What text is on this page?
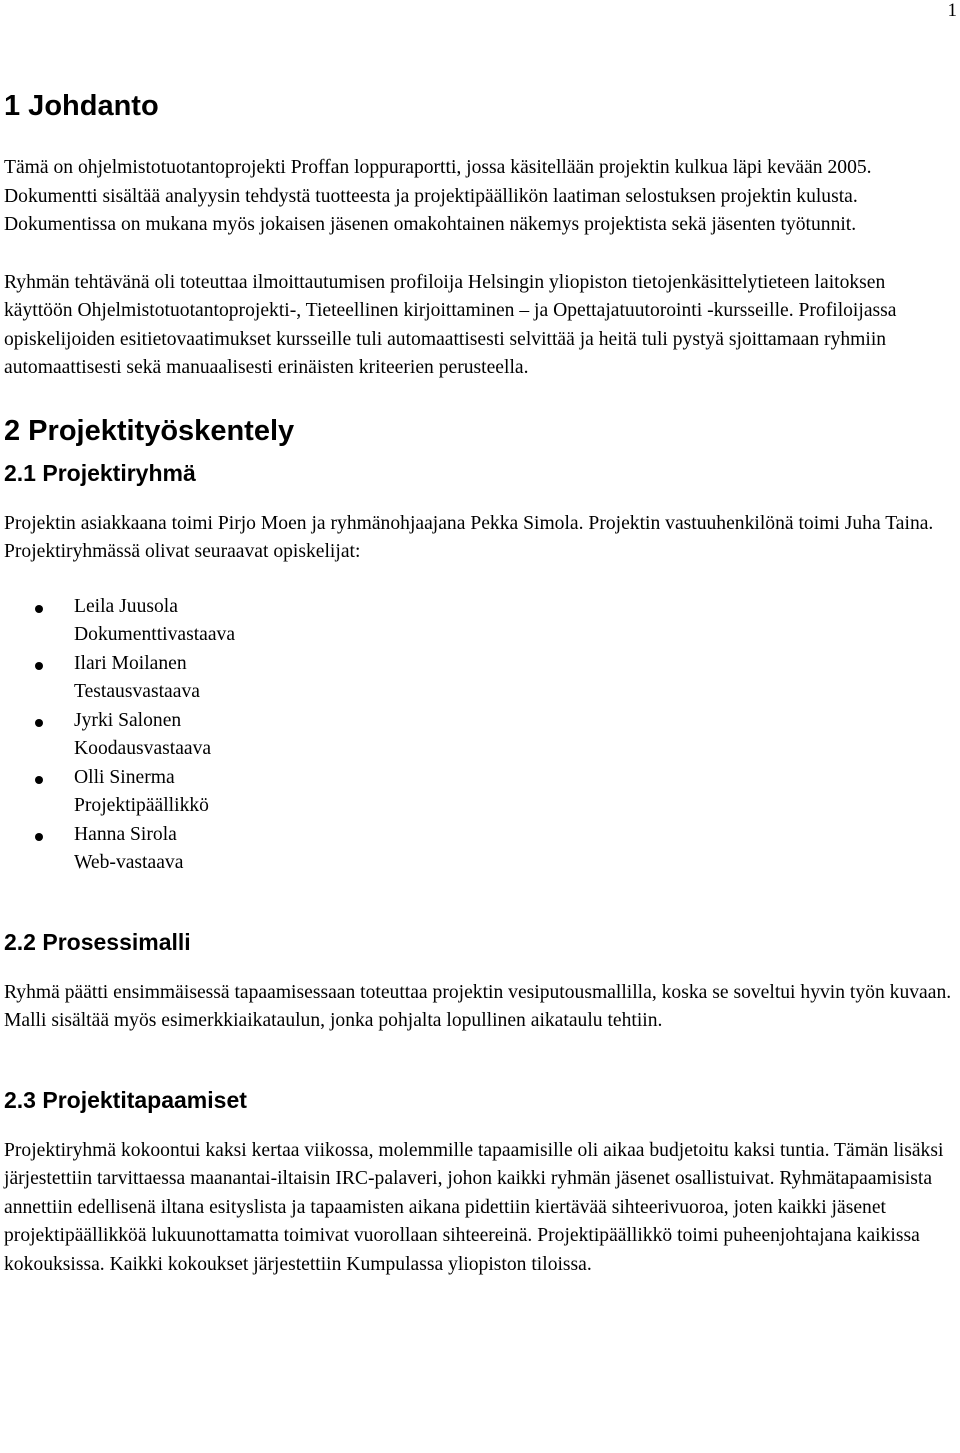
1
1 Johdanto

Tämä on ohjelmistotuotantoprojekti Proffan loppuraportti, jossa käsitellään projektin kulkua läpi kevään 2005. Dokumentti sisältää analyysin tehdystä tuotteesta ja projektipäällikön laatiman selostuksen projektin kulusta. Dokumentissa on mukana myös jokaisen jäsenen omakohtainen näkemys projektista sekä jäsenten työtunnit.

Ryhmän tehtävänä oli toteuttaa ilmoittautumisen profiloija Helsingin yliopiston tietojenkäsittelytieteen laitoksen käyttöön Ohjelmistotuotantoprojekti-, Tieteellinen kirjoittaminen – ja Opettajatuutorointi -kursseille. Profiloijassa opiskelijoiden esitietovaatimukset kursseille tuli automaattisesti selvittää ja heitä tuli pystyä sjoittamaan ryhmiin automaattisesti sekä manuaalisesti erinäisten kriteerien perusteella.

2 Projektityöskentely
2.1 Projektiryhmä

Projektin asiakkaana toimi Pirjo Moen ja ryhmänohjaajana Pekka Simola. Projektin vastuuhenkilönä toimi Juha Taina. Projektiryhmässä olivat seuraavat opiskelijat:

Leila Juusola
Dokumenttivastaava
Ilari Moilanen
Testausvastaava
Jyrki Salonen
Koodausvastaava
Olli Sinerma
Projektipäällikkö
Hanna Sirola
Web-vastaava
2.2 Prosessimalli

Ryhmä päätti ensimmäisessä tapaamisessaan toteuttaa projektin vesiputousmallilla, koska se soveltui hyvin työn kuvaan. Malli sisältää myös esimerkkiaikataulun, jonka pohjalta lopullinen aikataulu tehtiin.

2.3 Projektitapaamiset

Projektiryhmä kokoontui kaksi kertaa viikossa, molemmille tapaamisille oli aikaa budjetoitu kaksi tuntia. Tämän lisäksi järjestettiin tarvittaessa maanantai-iltaisin IRC-palaveri, johon kaikki ryhmän jäsenet osallistuivat. Ryhmätapaamisista annettiin edellisenä iltana esityslista ja tapaamisten aikana pidettiin kiertävää sihteerivuoroa, joten kaikki jäsenet projektipäällikköä lukuunottamatta toimivat vuorollaan sihteereinä. Projektipäällikkö toimi puheenjohtajana kaikissa kokouksissa. Kaikki kokoukset järjestettiin Kumpulassa yliopiston tiloissa.
